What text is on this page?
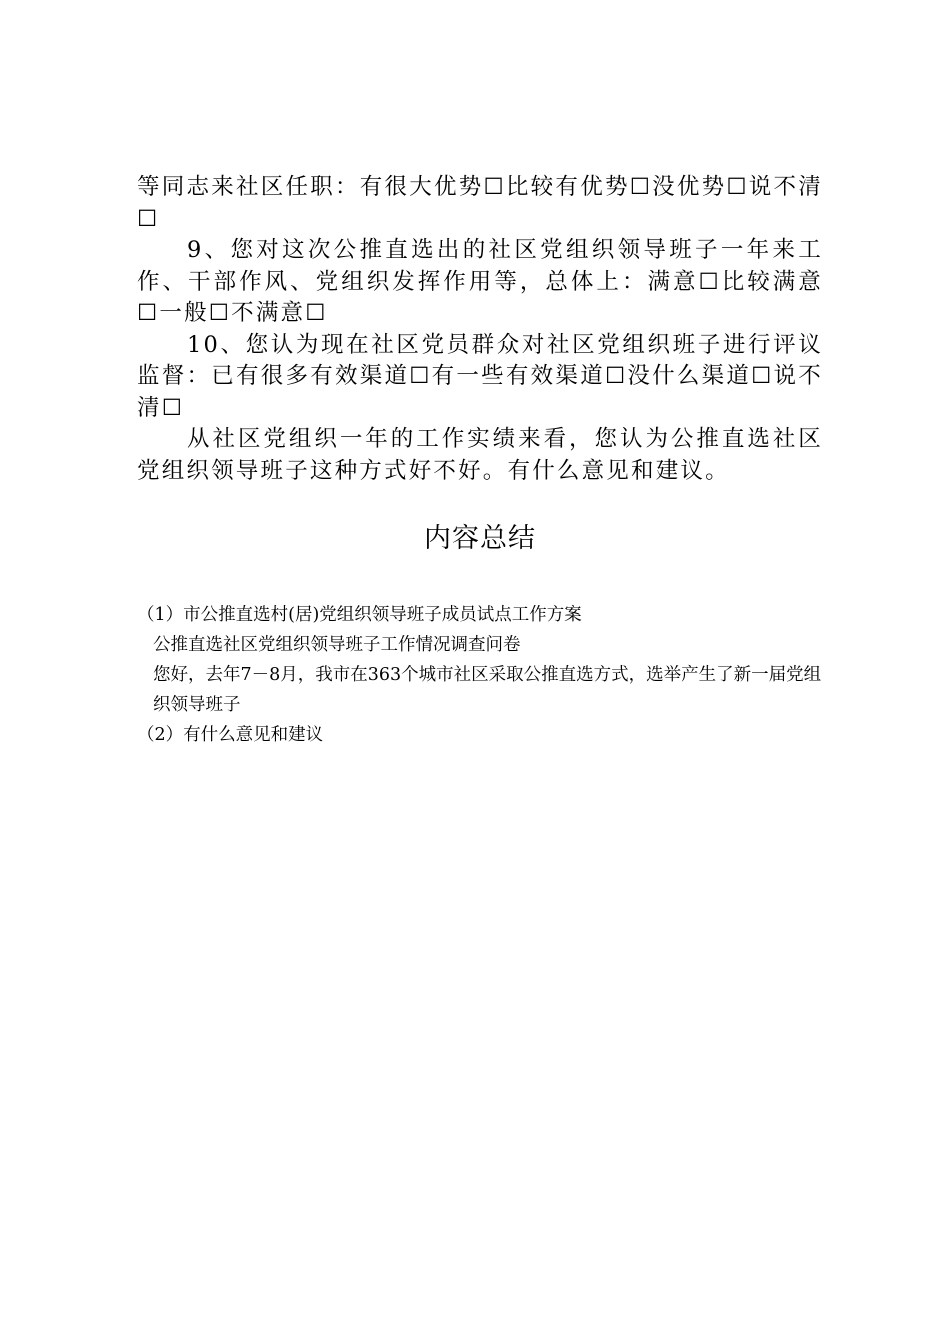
等同志来社区任职：有很大优势☐比较有优势☐没优势☐说不清☐

9、您对这次公推直选出的社区党组织领导班子一年来工作、干部作风、党组织发挥作用等，总体上：满意☐比较满意☐一般☐不满意☐

10、您认为现在社区党员群众对社区党组织班子进行评议监督：已有很多有效渠道☐有一些有效渠道☐没什么渠道☐说不清☐

从社区党组织一年的工作实绩来看，您认为公推直选社区党组织领导班子这种方式好不好。有什么意见和建议。

内容总结

（1）市公推直选村(居)党组织领导班子成员试点工作方案

公推直选社区党组织领导班子工作情况调查问卷

您好，去年7－8月，我市在363个城市社区采取公推直选方式，选举产生了新一届党组织领导班子

（2）有什么意见和建议
